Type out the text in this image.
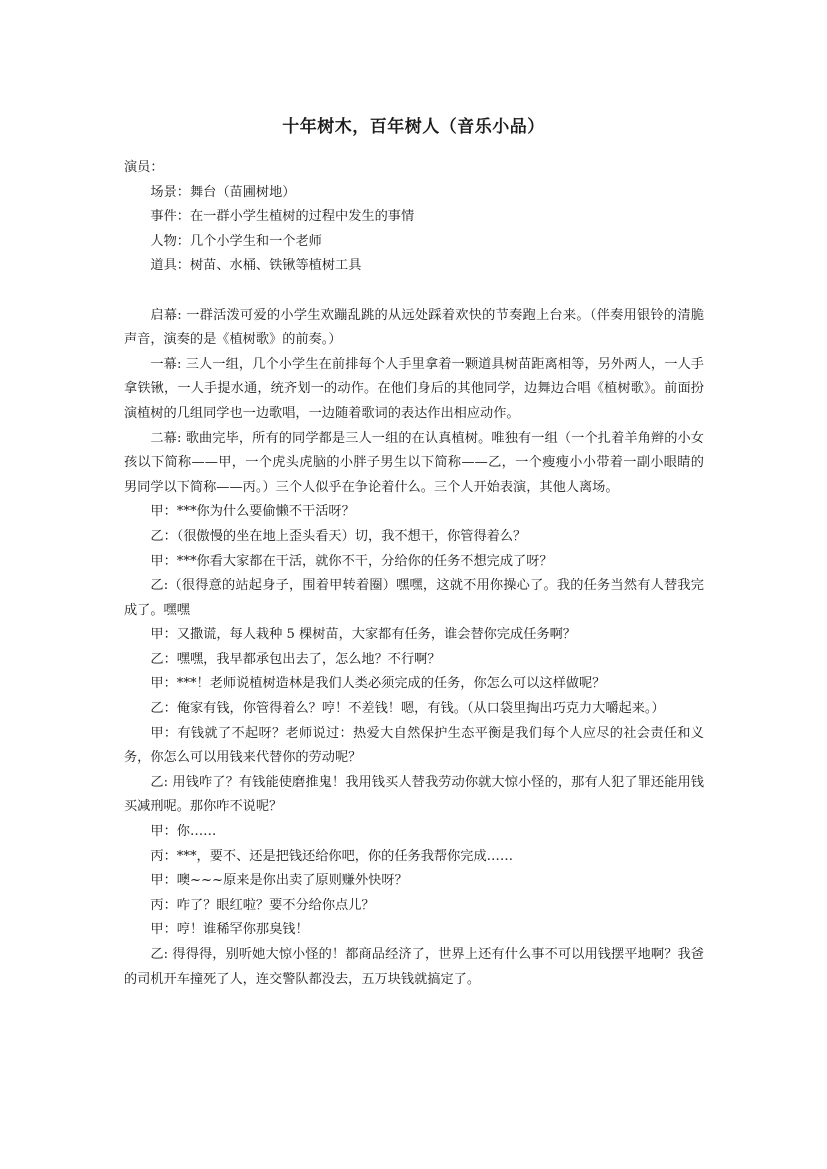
十年树木，百年树人（音乐小品）

演员：

场景：舞台（苗圃树地）

事件：在一群小学生植树的过程中发生的事情

人物：几个小学生和一个老师

道具：树苗、水桶、铁锹等植树工具

启幕: 一群活泼可爱的小学生欢蹦乱跳的从远处踩着欢快的节奏跑上台来。（伴奏用银铃的清脆声音，演奏的是《植树歌》的前奏。）

一幕: 三人一组，几个小学生在前排每个人手里拿着一颗道具树苗距离相等，另外两人，一人手拿铁锹，一人手提水通，统齐划一的动作。在他们身后的其他同学，边舞边合唱《植树歌》。前面扮演植树的几组同学也一边歌唱，一边随着歌词的表达作出相应动作。

二幕: 歌曲完毕，所有的同学都是三人一组的在认真植树。唯独有一组（一个扎着羊角辫的小女孩以下简称——甲，一个虎头虎脑的小胖子男生以下简称——乙，一个瘦瘦小小带着一副小眼睛的男同学以下简称——丙。）三个人似乎在争论着什么。三个人开始表演，其他人离场。

甲：***你为什么要偷懒不干活呀？

乙：（很傲慢的坐在地上歪头看天）切，我不想干，你管得着么？

甲：***你看大家都在干活，就你不干，分给你的任务不想完成了呀？

乙:（很得意的站起身子，围着甲转着圈）嘿嘿，这就不用你操心了。我的任务当然有人替我完成了。嘿嘿

甲：又撒谎，每人栽种 5 棵树苗，大家都有任务，谁会替你完成任务啊？

乙：嘿嘿，我早都承包出去了，怎么地？不行啊？

甲：***！老师说植树造林是我们人类必须完成的任务，你怎么可以这样做呢？

乙：俺家有钱，你管得着么？哼！不差钱！嗯，有钱。（从口袋里掏出巧克力大嚼起来。）

甲：有钱就了不起呀？老师说过：热爱大自然保护生态平衡是我们每个人应尽的社会责任和义务，你怎么可以用钱来代替你的劳动呢？

乙: 用钱咋了？有钱能使磨推鬼！我用钱买人替我劳动你就大惊小怪的，那有人犯了罪还能用钱买减刑呢。那你咋不说呢？

甲：你……

丙：***，要不、还是把钱还给你吧，你的任务我帮你完成……

甲：噢~~~原来是你出卖了原则赚外快呀？

丙：咋了？眼红啦？要不分给你点儿？

甲：哼！谁稀罕你那臭钱！

乙: 得得得，别听她大惊小怪的！都商品经济了，世界上还有什么事不可以用钱摆平地啊？我爸的司机开车撞死了人，连交警队都没去，五万块钱就搞定了。
